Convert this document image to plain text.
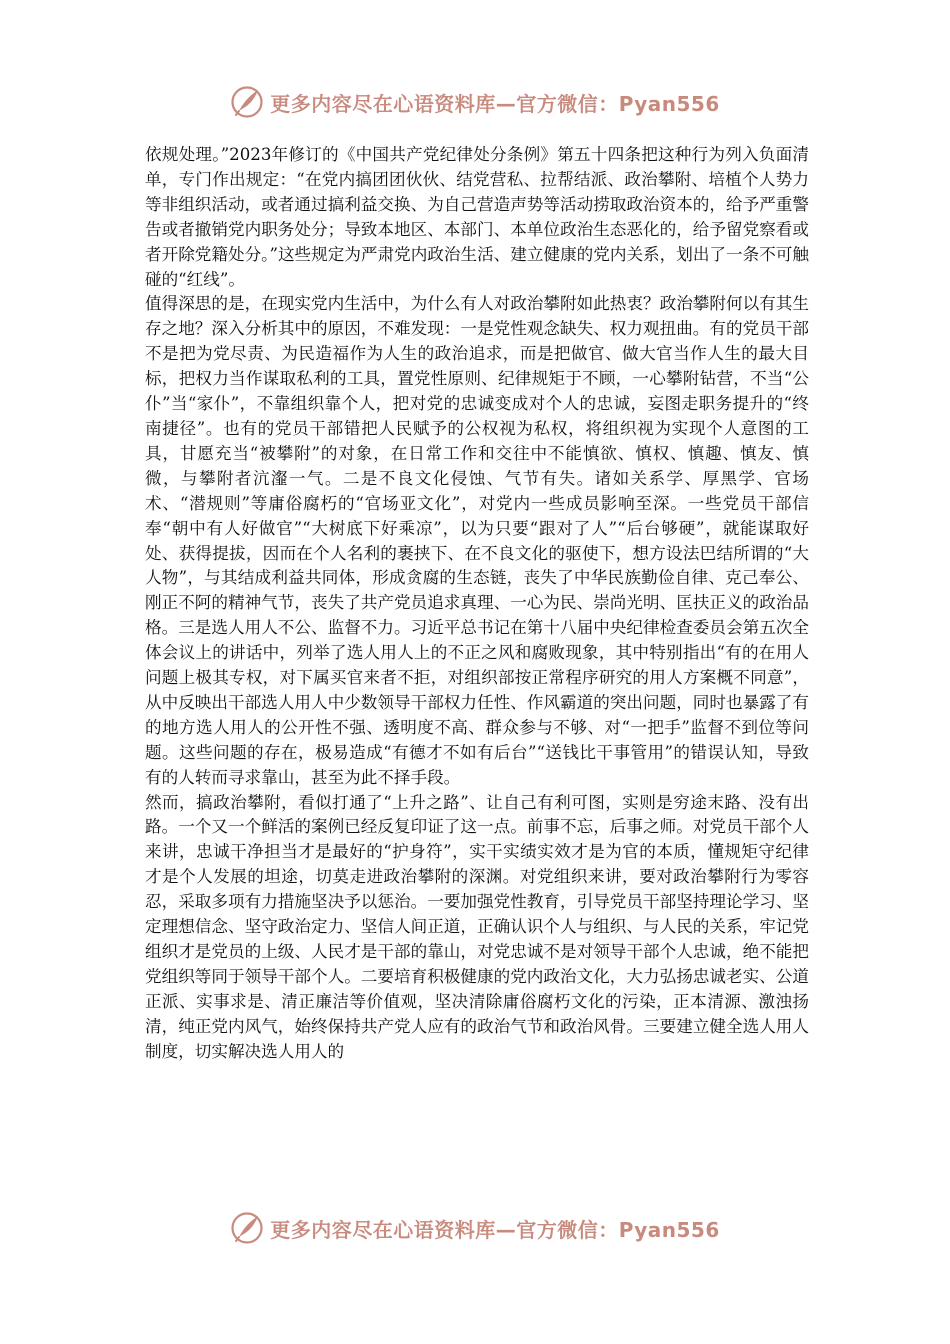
更多内容尽在心语资料库—官方微信：Pyan556

依规处理。”2023年修订的《中国共产党纪律处分条例》第五十四条把这种行为列入负面清单，专门作出规定：“在党内搞团团伙伙、结党营私、拉帮结派、政治攀附、培植个人势力等非组织活动，或者通过搞利益交换、为自己营造声势等活动捞取政治资本的，给予严重警告或者撤销党内职务处分；导致本地区、本部门、本单位政治生态恶化的，给予留党察看或者开除党籍处分。”这些规定为严肃党内政治生活、建立健康的党内关系，划出了一条不可触碰的“红线”。

值得深思的是，在现实党内生活中，为什么有人对政治攀附如此热衷？政治攀附何以有其生存之地？深入分析其中的原因，不难发现：一是党性观念缺失、权力观扭曲。有的党员干部不是把为党尽责、为民造福作为人生的政治追求，而是把做官、做大官当作人生的最大目标，把权力当作谋取私利的工具，置党性原则、纪律规矩于不顾，一心攀附钻营，不当“公仆”当“家仆”，不靠组织靠个人，把对党的忠诚变成对个人的忠诚，妄图走职务提升的“终南捷径”。也有的党员干部错把人民赋予的公权视为私权，将组织视为实现个人意图的工具，甘愿充当“被攀附”的对象，在日常工作和交往中不能慎欲、慎权、慎趣、慎友、慎微，与攀附者沆瀣一气。二是不良文化侵蚀、气节有失。诸如关系学、厚黑学、官场术、“潜规则”等庸俗腐朽的“官场亚文化”，对党内一些成员影响至深。一些党员干部信奉“朝中有人好做官”“大树底下好乘凉”，以为只要“跟对了人”“后台够硬”，就能谋取好处、获得提拔，因而在个人名利的裹挟下、在不良文化的驱使下，想方设法巴结所谓的“大人物”，与其结成利益共同体，形成贪腐的生态链，丧失了中华民族勤俭自律、克己奉公、刚正不阿的精神气节，丧失了共产党员追求真理、一心为民、崇尚光明、匡扶正义的政治品格。三是选人用人不公、监督不力。习近平总书记在第十八届中央纪律检查委员会第五次全体会议上的讲话中，列举了选人用人上的不正之风和腐败现象，其中特别指出“有的在用人问题上极其专权，对下属买官来者不拒，对组织部按正常程序研究的用人方案概不同意”，从中反映出干部选人用人中少数领导干部权力任性、作风霸道的突出问题，同时也暴露了有的地方选人用人的公开性不强、透明度不高、群众参与不够、对“一把手”监督不到位等问题。这些问题的存在，极易造成“有德才不如有后台”“送钱比干事管用”的错误认知，导致有的人转而寻求靠山，甚至为此不择手段。

然而，搞政治攀附，看似打通了“上升之路”、让自己有利可图，实则是穷途末路、没有出路。一个又一个鲜活的案例已经反复印证了这一点。前事不忘，后事之师。对党员干部个人来讲，忠诚干净担当才是最好的“护身符”，实干实绩实效才是为官的本质，懂规矩守纪律才是个人发展的坦途，切莫走进政治攀附的深渊。对党组织来讲，要对政治攀附行为零容忍，采取多项有力措施坚决予以惩治。一要加强党性教育，引导党员干部坚持理论学习、坚定理想信念、坚守政治定力、坚信人间正道，正确认识个人与组织、与人民的关系，牢记党组织才是党员的上级、人民才是干部的靠山，对党忠诚不是对领导干部个人忠诚，绝不能把党组织等同于领导干部个人。二要培育积极健康的党内政治文化，大力弘扬忠诚老实、公道正派、实事求是、清正廉洁等价值观，坚决清除庸俗腐朽文化的污染，正本清源、激浊扬清，纯正党内风气，始终保持共产党人应有的政治气节和政治风骨。三要建立健全选人用人制度，切实解决选人用人的

更多内容尽在心语资料库—官方微信：Pyan556
